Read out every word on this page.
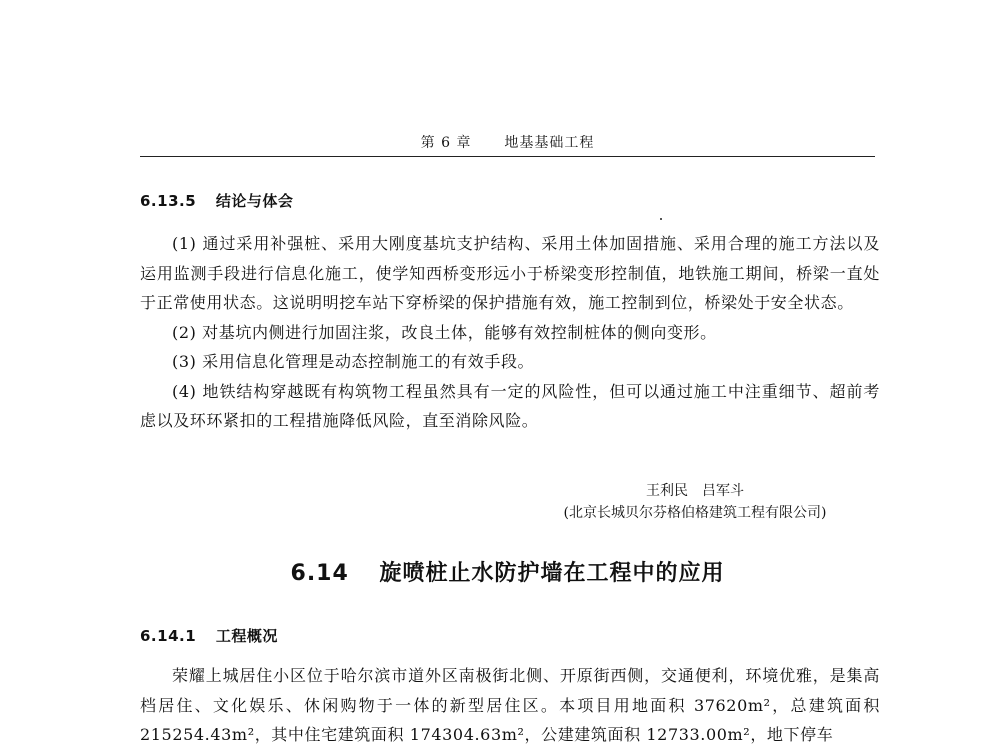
第 6 章 地基基础工程
6.13.5 结论与体会

(1) 通过采用补强桩、采用大刚度基坑支护结构、采用土体加固措施、采用合理的施工方法以及运用监测手段进行信息化施工，使学知西桥变形远小于桥梁变形控制值，地铁施工期间，桥梁一直处于正常使用状态。这说明明挖车站下穿桥梁的保护措施有效，施工控制到位，桥梁处于安全状态。

(2) 对基坑内侧进行加固注浆，改良土体，能够有效控制桩体的侧向变形。

(3) 采用信息化管理是动态控制施工的有效手段。

(4) 地铁结构穿越既有构筑物工程虽然具有一定的风险性，但可以通过施工中注重细节、超前考虑以及环环紧扣的工程措施降低风险，直至消除风险。

王利民　吕军斗
(北京长城贝尔芬格伯格建筑工程有限公司)
6.14 旋喷桩止水防护墙在工程中的应用
6.14.1 工程概况

荣耀上城居住小区位于哈尔滨市道外区南极街北侧、开原街西侧，交通便利，环境优雅，是集高档居住、文化娱乐、休闲购物于一体的新型居住区。本项目用地面积 37620m²，总建筑面积 215254.43m²，其中住宅建筑面积 174304.63m²，公建建筑面积 12733.00m²，地下停车
